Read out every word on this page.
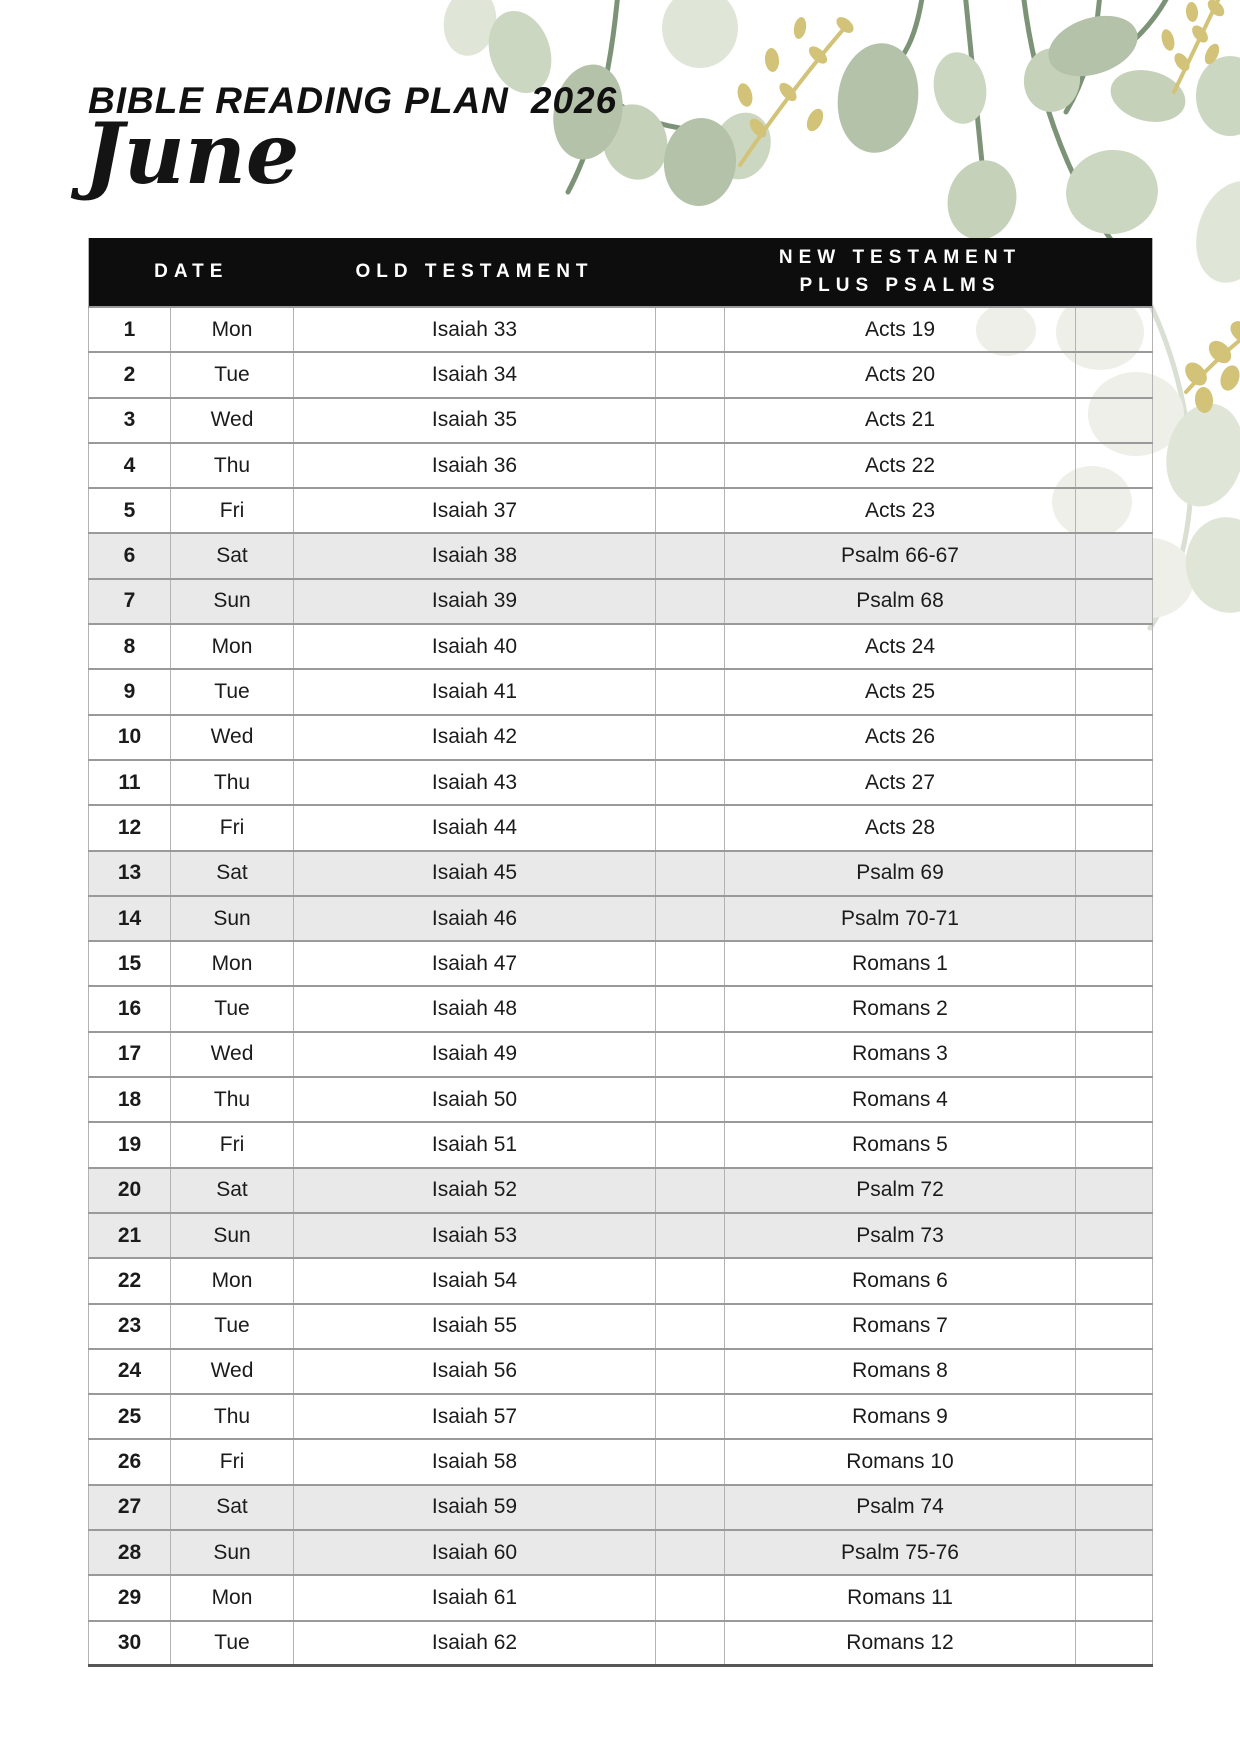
BIBLE READING PLAN 2026
June
DATE		OLD TESTAMENT		NEW TESTAMENT
PLUS PSALMS	

1	Mon	Isaiah 33		Acts 19	
2	Tue	Isaiah 34		Acts 20	
3	Wed	Isaiah 35		Acts 21	
4	Thu	Isaiah 36		Acts 22	
5	Fri	Isaiah 37		Acts 23	
6	Sat	Isaiah 38		Psalm 66-67	
7	Sun	Isaiah 39		Psalm 68	
8	Mon	Isaiah 40		Acts 24	
9	Tue	Isaiah 41		Acts 25	
10	Wed	Isaiah 42		Acts 26	
11	Thu	Isaiah 43		Acts 27	
12	Fri	Isaiah 44		Acts 28	
13	Sat	Isaiah 45		Psalm 69	
14	Sun	Isaiah 46		Psalm 70-71	
15	Mon	Isaiah 47		Romans 1	
16	Tue	Isaiah 48		Romans 2	
17	Wed	Isaiah 49		Romans 3	
18	Thu	Isaiah 50		Romans 4	
19	Fri	Isaiah 51		Romans 5	
20	Sat	Isaiah 52		Psalm 72	
21	Sun	Isaiah 53		Psalm 73	
22	Mon	Isaiah 54		Romans 6	
23	Tue	Isaiah 55		Romans 7	
24	Wed	Isaiah 56		Romans 8	
25	Thu	Isaiah 57		Romans 9	
26	Fri	Isaiah 58		Romans 10	
27	Sat	Isaiah 59		Psalm 74	
28	Sun	Isaiah 60		Psalm 75-76	
29	Mon	Isaiah 61		Romans 11	
30	Tue	Isaiah 62		Romans 12	
